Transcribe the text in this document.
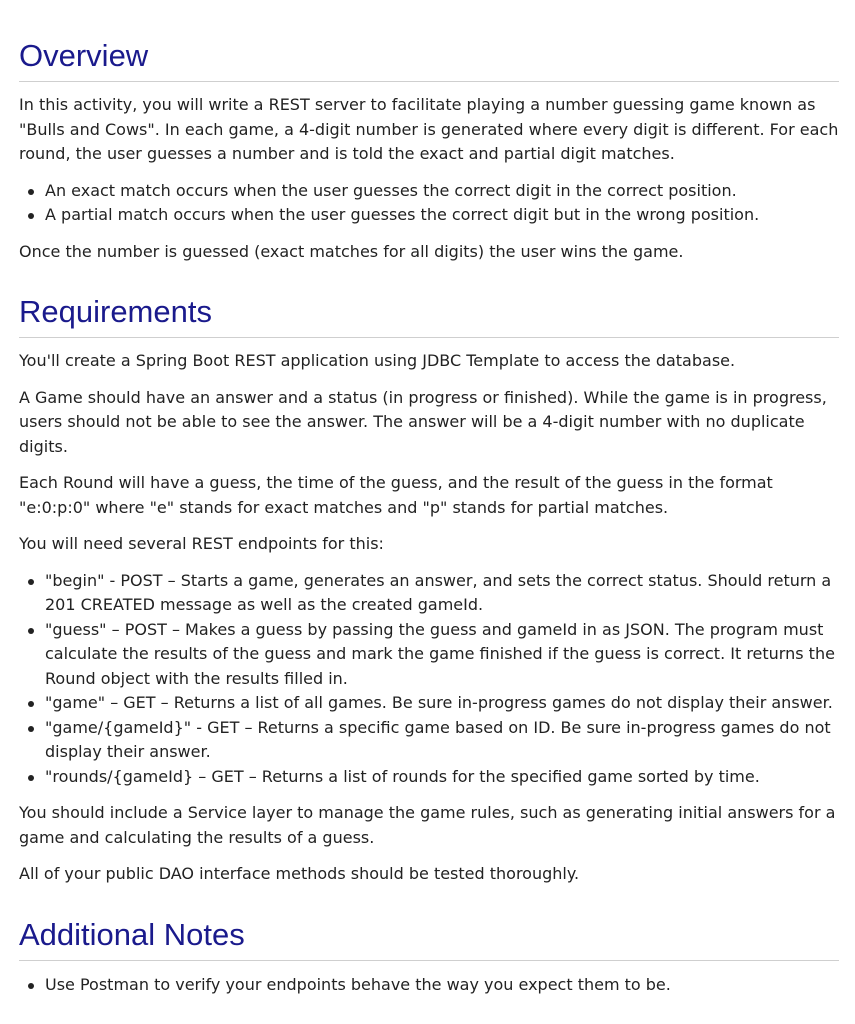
Overview

In this activity, you will write a REST server to facilitate playing a number guessing game known as "Bulls and Cows". In each game, a 4-digit number is generated where every digit is different. For each round, the user guesses a number and is told the exact and partial digit matches.

An exact match occurs when the user guesses the correct digit in the correct position.
A partial match occurs when the user guesses the correct digit but in the wrong position.

Once the number is guessed (exact matches for all digits) the user wins the game.

Requirements

You'll create a Spring Boot REST application using JDBC Template to access the database.

A Game should have an answer and a status (in progress or finished). While the game is in progress, users should not be able to see the answer. The answer will be a 4-digit number with no duplicate digits.

Each Round will have a guess, the time of the guess, and the result of the guess in the format "e:0:p:0" where "e" stands for exact matches and "p" stands for partial matches.

You will need several REST endpoints for this:

"begin" - POST – Starts a game, generates an answer, and sets the correct status. Should return a 201 CREATED message as well as the created gameId.
"guess" – POST – Makes a guess by passing the guess and gameId in as JSON. The program must calculate the results of the guess and mark the game finished if the guess is correct. It returns the Round object with the results filled in.
"game" – GET – Returns a list of all games. Be sure in-progress games do not display their answer.
"game/{gameId}" - GET – Returns a specific game based on ID. Be sure in-progress games do not display their answer.
"rounds/{gameId} – GET – Returns a list of rounds for the specified game sorted by time.

You should include a Service layer to manage the game rules, such as generating initial answers for a game and calculating the results of a guess.

All of your public DAO interface methods should be tested thoroughly.

Additional Notes
Use Postman to verify your endpoints behave the way you expect them to be.
